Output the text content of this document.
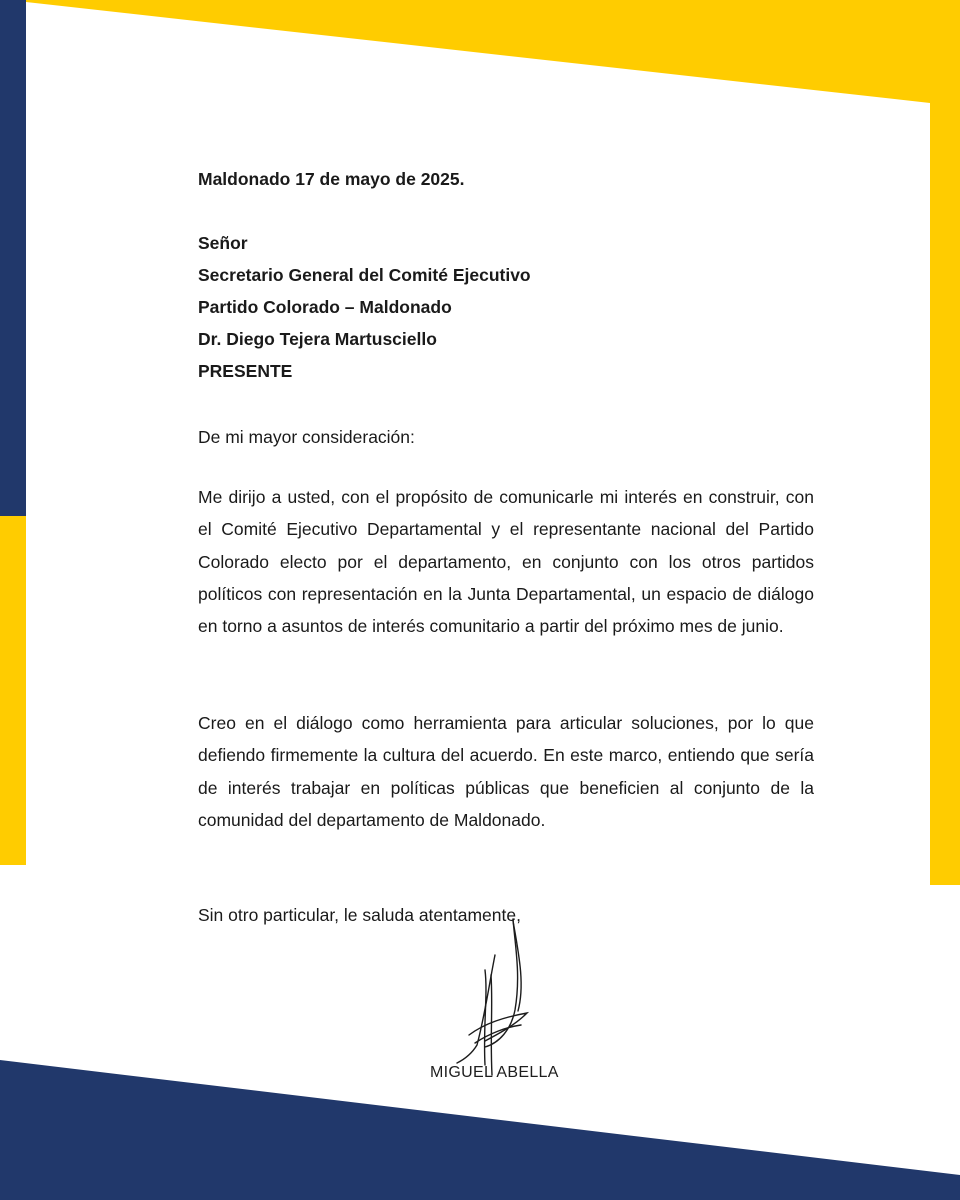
Maldonado 17 de mayo de 2025.
Señor
Secretario General del Comité Ejecutivo
Partido Colorado – Maldonado
Dr. Diego Tejera Martusciello
PRESENTE
De mi mayor consideración:
Me dirijo a usted, con el propósito de comunicarle mi interés en construir, con el Comité Ejecutivo Departamental y el representante nacional del Partido Colorado electo por el departamento, en conjunto con los otros partidos políticos con representación en la Junta Departamental, un espacio de diálogo en torno a asuntos de interés comunitario a partir del próximo mes de junio.
Creo en el diálogo como herramienta para articular soluciones, por lo que defiendo firmemente la cultura del acuerdo. En este marco, entiendo que sería de interés trabajar en políticas públicas que beneficien al conjunto de la comunidad del departamento de Maldonado.
Sin otro particular, le saluda atentamente,
MIGUEL ABELLA
